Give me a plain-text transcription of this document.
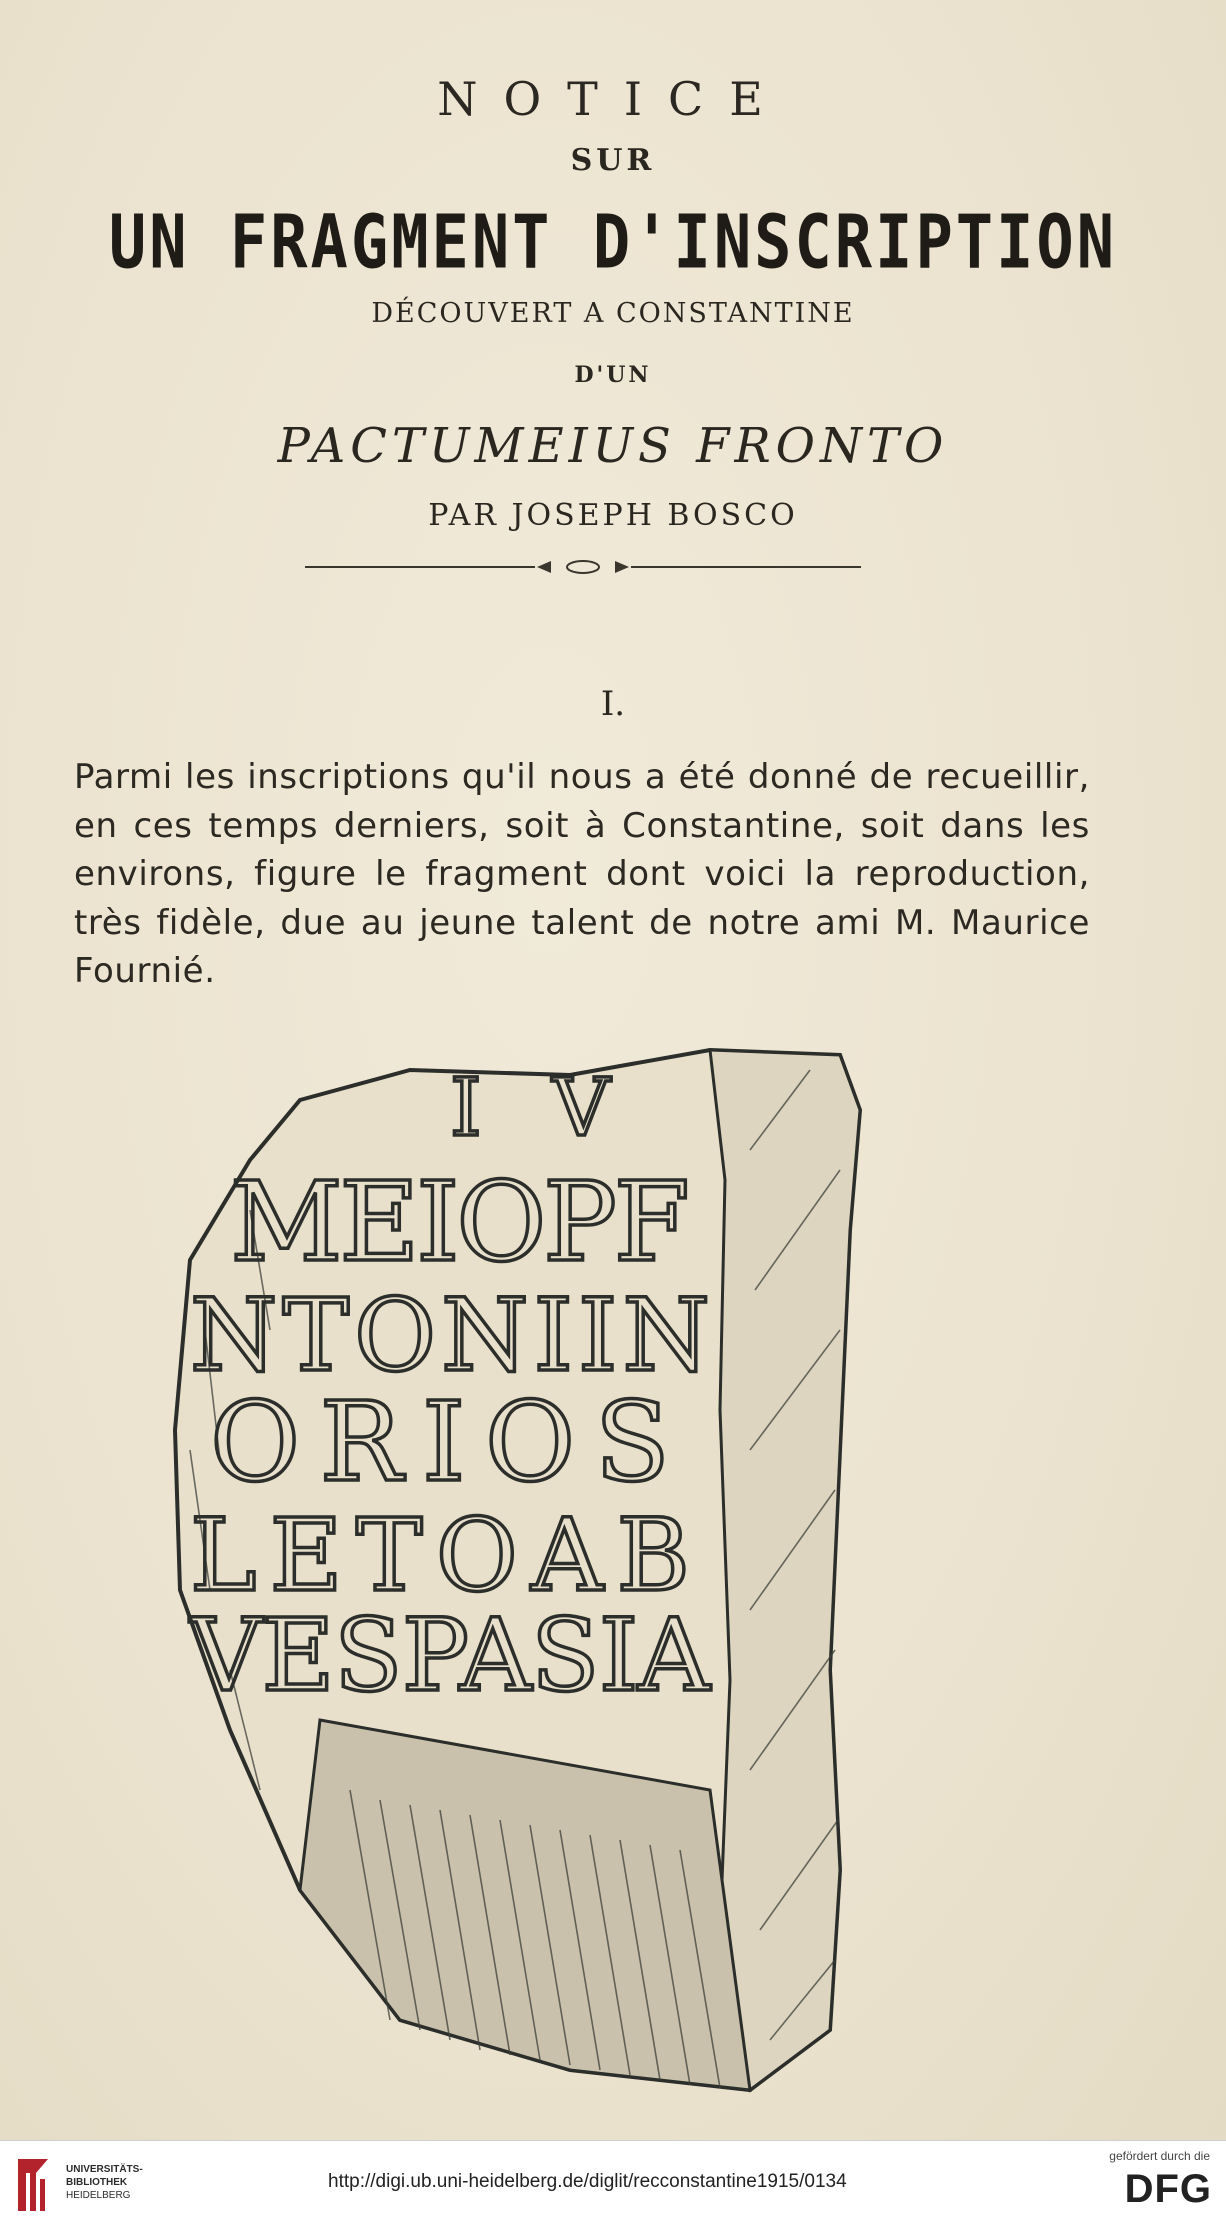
NOTICE
SUR
UN FRAGMENT D'INSCRIPTION
DÉCOUVERT A CONSTANTINE
D'UN
PACTUMEIUS FRONTO
PAR JOSEPH BOSCO
I.

Parmi les inscriptions qu'il nous a été donné de recueillir, en ces temps derniers, soit à Constantine, soit dans les environs, figure le fragment dont voici la reproduction, très fidèle, due au jeune talent de notre ami M. Maurice Fournié.

IV
MEIOPF
NTONIIN
ORIOS
LETOAB
VESPASIA
UNIVERSITÄTS-
BIBLIOTHEK
HEIDELBERG
http://digi.ub.uni-heidelberg.de/diglit/recconstantine1915/0134
gefördert durch die
DFG
